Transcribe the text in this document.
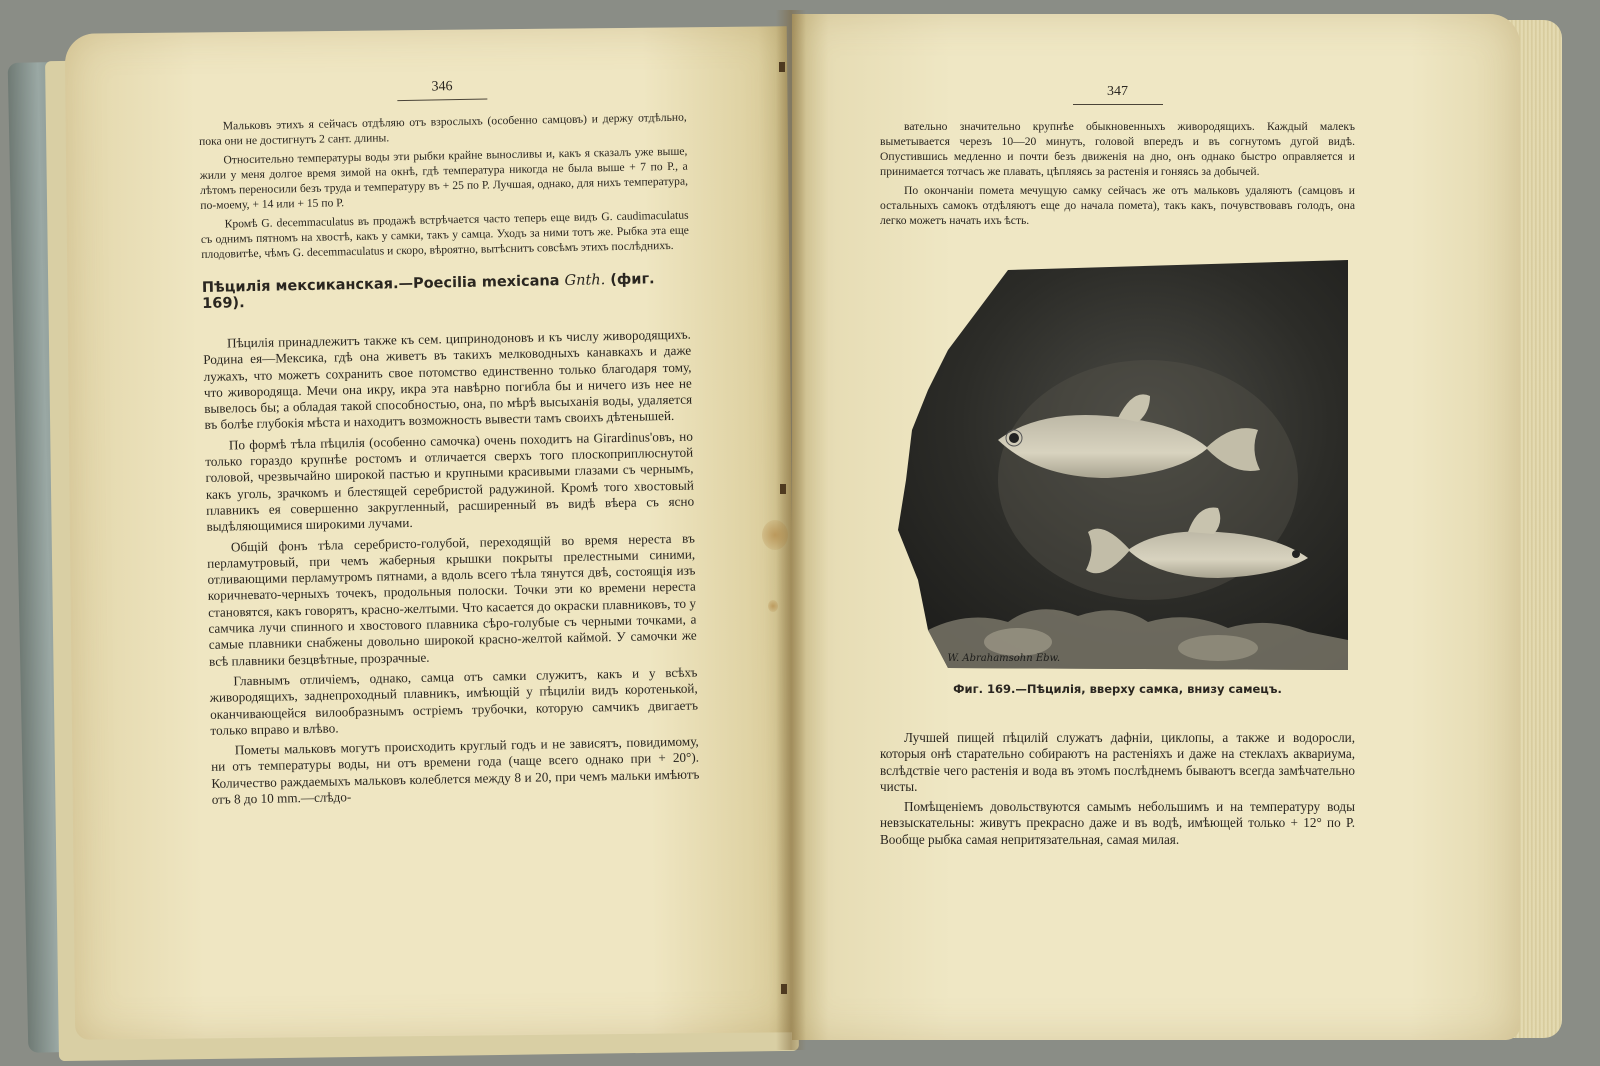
346

Мальковъ этихъ я сейчасъ отдѣляю отъ взрослыхъ (особенно самцовъ) и держу отдѣльно, пока они не достигнутъ 2 сант. длины.

Относительно температуры воды эти рыбки крайне выносливы и, какъ я сказалъ уже выше, жили у меня долгое время зимой на окнѣ, гдѣ температура никогда не была выше + 7 по Р., а лѣтомъ переносили безъ труда и температуру въ + 25 по Р. Лучшая, однако, для нихъ температура, по-моему, + 14 или + 15 по Р.

Кромѣ G. decemmaculatus въ продажѣ встрѣчается часто теперь еще видъ G. caudimaculatus съ однимъ пятномъ на хвостѣ, какъ у самки, такъ у самца. Уходъ за ними тотъ же. Рыбка эта еще плодовитѣе, чѣмъ G. decemmaculatus и скоро, вѣроятно, вытѣснитъ совсѣмъ этихъ послѣднихъ.

Пѣцилія мексиканская.—Poecilia mexicana Gnth. (фиг. 169).

Пѣцилія принадлежитъ также къ сем. ципринодоновъ и къ числу живородящихъ. Родина ея—Мексика, гдѣ она живетъ въ такихъ мелководныхъ канавкахъ и даже лужахъ, что можетъ сохранить свое потомство единственно только благодаря тому, что живородяща. Мечи она икру, икра эта навѣрно погибла бы и ничего изъ нее не вывелось бы; а обладая такой способностью, она, по мѣрѣ высыханія воды, удаляется въ болѣе глубокія мѣста и находитъ возможность вывести тамъ своихъ дѣтенышей.

По формѣ тѣла пѣцилія (особенно самочка) очень походитъ на Girardinus'овъ, но только гораздо крупнѣе ростомъ и отличается сверхъ того плоскоприплюснутой головой, чрезвычайно широкой пастью и крупными красивыми глазами съ чернымъ, какъ уголь, зрачкомъ и блестящей серебристой радужиной. Кромѣ того хвостовый плавникъ ея совершенно закругленный, расширенный въ видѣ вѣера съ ясно выдѣляющимися широкими лучами.

Общій фонъ тѣла серебристо-голубой, переходящій во время нереста въ перламутровый, при чемъ жаберныя крышки покрыты прелестными синими, отливающими перламутромъ пятнами, а вдоль всего тѣла тянутся двѣ, состоящія изъ коричневато-черныхъ точекъ, продольныя полоски. Точки эти ко времени нереста становятся, какъ говорятъ, красно-желтыми. Что касается до окраски плавниковъ, то у самчика лучи спинного и хвостового плавника сѣро-голубые съ черными точками, а самые плавники снабжены довольно широкой красно-желтой каймой. У самочки же всѣ плавники безцвѣтные, прозрачные.

Главнымъ отличіемъ, однако, самца отъ самки служитъ, какъ и у всѣхъ живородящихъ, заднепроходный плавникъ, имѣющій у пѣциліи видъ коротенькой, оканчивающейся вилообразнымъ остріемъ трубочки, которую самчикъ двигаетъ только вправо и влѣво.

Пометы мальковъ могутъ происходить круглый годъ и не зависятъ, повидимому, ни отъ температуры воды, ни отъ времени года (чаще всего однако при + 20°). Количество раждаемыхъ мальковъ колеблется между 8 и 20, при чемъ мальки имѣютъ отъ 8 до 10 mm.—слѣдо-

347

вательно значительно крупнѣе обыкновенныхъ живородящихъ. Каждый малекъ выметывается черезъ 10—20 минутъ, головой впередъ и въ согнутомъ дугой видѣ. Опустившись медленно и почти безъ движенія на дно, онъ однако быстро оправляется и принимается тотчасъ же плавать, цѣпляясь за растенія и гоняясь за добычей.

По окончаніи помета мечущую самку сейчасъ же отъ мальковъ удаляютъ (самцовъ и остальныхъ самокъ отдѣляютъ еще до начала помета), такъ какъ, почувствовавъ голодъ, она легко можетъ начать ихъ ѣсть.

W. Abrahamsohn Ebw.
Фиг. 169.—Пѣцилія, вверху самка, внизу самецъ.

Лучшей пищей пѣцилій служатъ дафніи, циклопы, а также и водоросли, которыя онѣ старательно собираютъ на растеніяхъ и даже на стеклахъ аквариума, вслѣдствіе чего растенія и вода въ этомъ послѣднемъ бываютъ всегда замѣчательно чисты.

Помѣщеніемъ довольствуются самымъ небольшимъ и на температуру воды невзыскательны: живутъ прекрасно даже и въ водѣ, имѣющей только + 12° по Р. Вообще рыбка самая непритязательная, самая милая.
